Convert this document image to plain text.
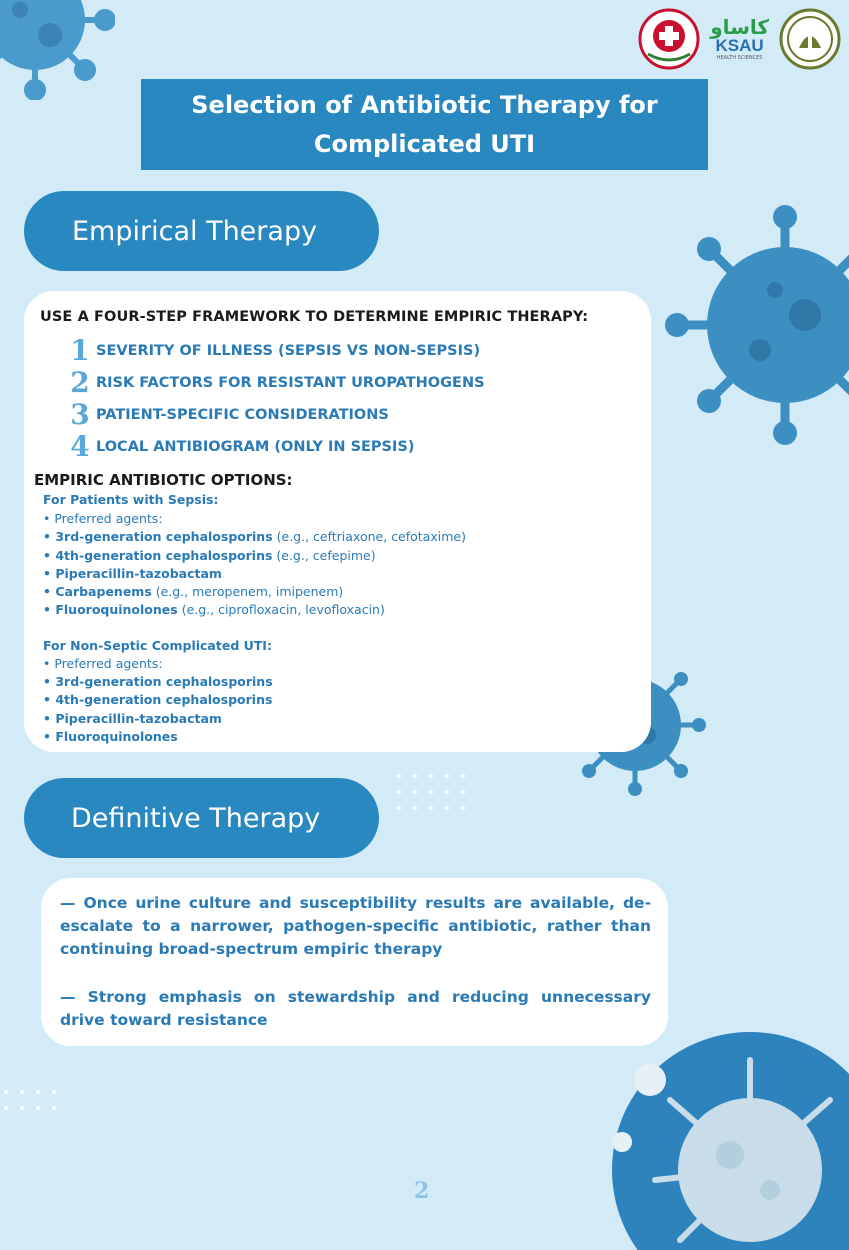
كاساو
KSAU
HEALTH SCIENCES
Selection of Antibiotic Therapy for
Complicated UTI
Empirical Therapy
USE A FOUR-STEP FRAMEWORK TO DETERMINE EMPIRIC THERAPY:
1 SEVERITY OF ILLNESS (SEPSIS VS NON-SEPSIS)
2 RISK FACTORS FOR RESISTANT UROPATHOGENS
3 PATIENT-SPECIFIC CONSIDERATIONS
4 LOCAL ANTIBIOGRAM (ONLY IN SEPSIS)
EMPIRIC ANTIBIOTIC OPTIONS:
For Patients with Sepsis:
• Preferred agents:
• 3rd-generation cephalosporins (e.g., ceftriaxone, cefotaxime)
• 4th-generation cephalosporins (e.g., cefepime)
• Piperacillin-tazobactam
• Carbapenems (e.g., meropenem, imipenem)
• Fluoroquinolones (e.g., ciprofloxacin, levofloxacin)
For Non-Septic Complicated UTI:
• Preferred agents:
• 3rd-generation cephalosporins
• 4th-generation cephalosporins
• Piperacillin-tazobactam
• Fluoroquinolones
Definitive Therapy
— Once urine culture and susceptibility results are available, de-escalate to a narrower, pathogen-specific antibiotic, rather than continuing broad-spectrum empiric therapy
— Strong emphasis on stewardship and reducing unnecessary drive toward resistance
2
